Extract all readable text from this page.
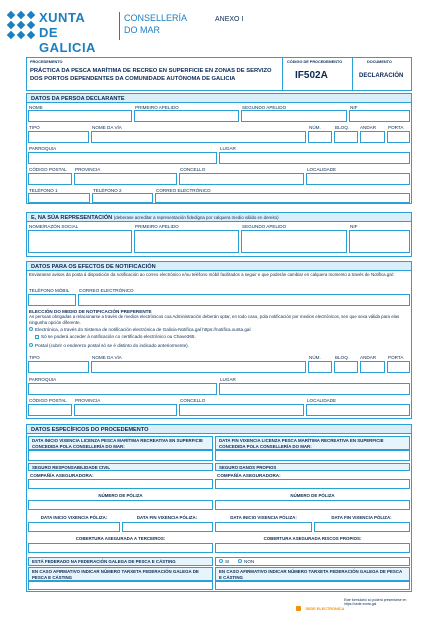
XUNTA
DE GALICIA
CONSELLERÍA
DO MAR
ANEXO I
PROCEDEMENTO
PRÁCTICA DA PESCA MARÍTIMA DE RECREO EN SUPERFICIE EN ZONAS DE SERVIZO DOS PORTOS DEPENDENTES DA COMUNIDADE AUTÓNOMA DE GALICIA
CÓDIGO DE PROCEDEMENTO
IF502A
DOCUMENTO
DECLARACIÓN
DATOS DA PERSOA DECLARANTE
NOME	PRIMEIRO APELIDO	SEGUNDO APELIDO	NIF
TIPO	NOME DA VÍA	NÚM.	BLOQ. ANDAR	PORTA
PARROQUIA	LUGAR
CÓDIGO POSTAL PROVINCIA	CONCELLO	LOCALIDADE
TELÉFONO 1	TELÉFONO 2	CORREO ELECTRÓNICO
E, NA SÚA REPRESENTACIÓN (deberase acreditar a representación fidedigna por calquera medio válido en dereito)
NOME/RAZÓN SOCIAL	PRIMEIRO APELIDO	SEGUNDO APELIDO	NIF
DATOS PARA OS EFECTOS DE NOTIFICACIÓN
Enviaranse avisos da posta á disposición da notificación ao correo electrónico e/ou teléfono móbil facilitados a seguir e que poderán cambiar en calquera momento a través de Notifica.gal:
TELÉFONO MÓBIL CORREO ELECTRÓNICO
ELECCIÓN DO MEDIO DE NOTIFICACIÓN PREFERENTE
As persoas obrigadas a relacionarse a través de medios electrónicos coa Administración deberán optar, en todo caso, pola notificación por medios electrónicos, sen que sexa válida para elas ningunha opción diferente.
Electrónica, a través do Sistema de notificación electrónica de Galicia-Notifica.gal https://notifica.xunta.gal
Só se poderá acceder á notificación co certificado electrónico ou Chave365.
Postal (cubrir o enderezo postal só se é distinto do indicado anteriormente).
TIPO	NOME DA VÍA	NÚM.	BLOQ. ANDAR	PORTA
PARROQUIA	LUGAR
CÓDIGO POSTAL PROVINCIA	CONCELLO	LOCALIDADE
DATOS ESPECÍFICOS DO PROCEDEMENTO
DATA INICIO VIXENCIA LICENZA PESCA MARÍTIMA RECREATIVA EN SUPERFICIE CONCEDIDA POLA CONSELLERÍA DO MAR:
DATA FIN VIXENCIA LICENZA PESCA MARÍTIMA RECREATIVA EN SUPERFICIE CONCEDIDA POLA CONSELLERÍA DO MAR:
SEGURO RESPONSABILIDADE CIVIL	SEGURO DANOS PROPIOS
COMPAÑÍA ASEGURADORA:	COMPAÑÍA ASEGURADORA:
NÚMERO DE PÓLIZA	NÚMERO DE PÓLIZA
DATA INICIO VIXENCIA PÓLIZA:	DATA FIN VIXENCIA PÓLIZA:	DATA INICIO VIXENCIA PÓLIZA:	DATA FIN VIXENCIA PÓLIZA:
COBERTURA ASEGURADA A TERCEIROS:	COBERTURA ASEGURADA RISCOS PROPIOS:
ESTÁ FEDERADO NA FEDERACIÓN GALEGA DE PESCA E CÁSTING	SI	NON
EN CASO AFIRMATIVO INDICAR NÚMERO TARXETA FEDERACIÓN GALEGA DE PESCA E CÁSTING
EN CASO AFIRMATIVO INDICAR NÚMERO TARXETA FEDERACIÓN GALEGA DE PESCA E CÁSTING
SEDE ELECTRÓNICA
Este formulario só poderá presentarse en https://sede.xunta.gal
